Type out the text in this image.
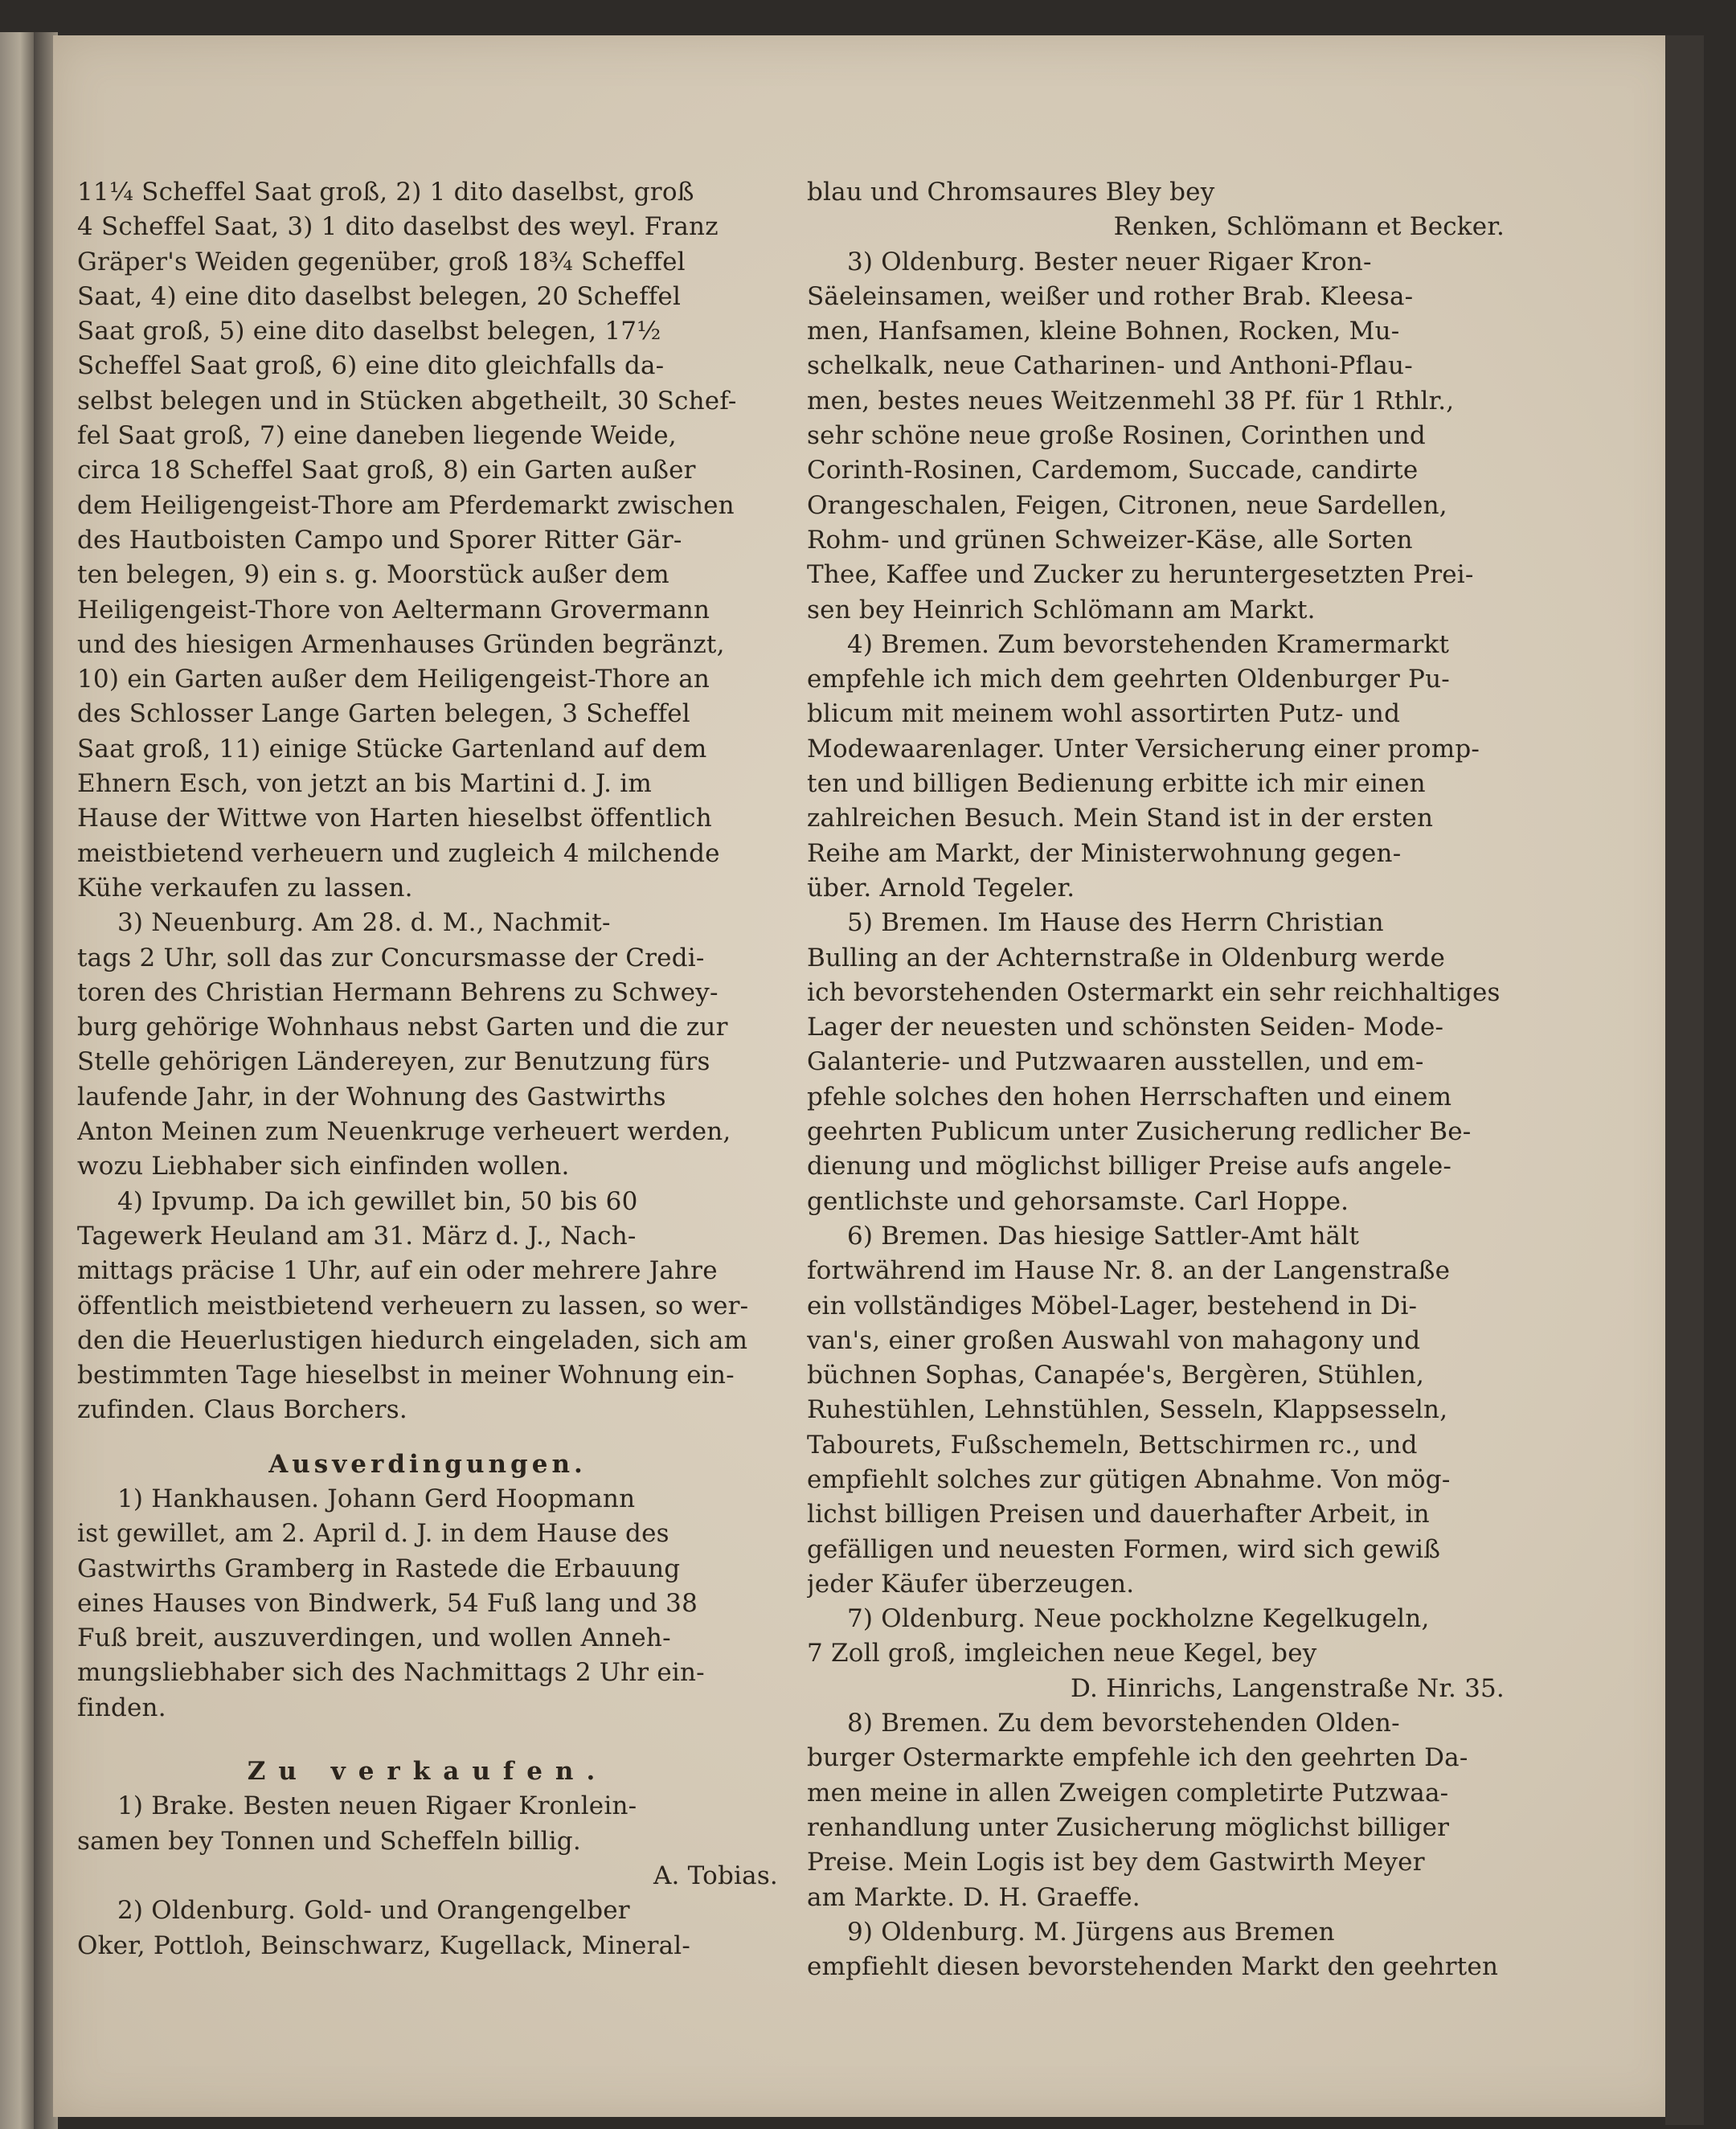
11¼ Scheffel Saat groß, 2) 1 dito daselbst, groß
4 Scheffel Saat, 3) 1 dito daselbst des weyl. Franz
Gräper's Weiden gegenüber, groß 18¾ Scheffel
Saat, 4) eine dito daselbst belegen, 20 Scheffel
Saat groß, 5) eine dito daselbst belegen, 17½
Scheffel Saat groß, 6) eine dito gleichfalls da-
selbst belegen und in Stücken abgetheilt, 30 Schef-
fel Saat groß, 7) eine daneben liegende Weide,
circa 18 Scheffel Saat groß, 8) ein Garten außer
dem Heiligengeist-Thore am Pferdemarkt zwischen
des Hautboisten Campo und Sporer Ritter Gär-
ten belegen, 9) ein s. g. Moorstück außer dem
Heiligengeist-Thore von Aeltermann Grovermann
und des hiesigen Armenhauses Gründen begränzt,
10) ein Garten außer dem Heiligengeist-Thore an
des Schlosser Lange Garten belegen, 3 Scheffel
Saat groß, 11) einige Stücke Gartenland auf dem
Ehnern Esch, von jetzt an bis Martini d. J. im
Hause der Wittwe von Harten hieselbst öffentlich
meistbietend verheuern und zugleich 4 milchende
Kühe verkaufen zu lassen.
3) Neuenburg. Am 28. d. M., Nachmit-
tags 2 Uhr, soll das zur Concursmasse der Credi-
toren des Christian Hermann Behrens zu Schwey-
burg gehörige Wohnhaus nebst Garten und die zur
Stelle gehörigen Ländereyen, zur Benutzung fürs
laufende Jahr, in der Wohnung des Gastwirths
Anton Meinen zum Neuenkruge verheuert werden,
wozu Liebhaber sich einfinden wollen.
4) Ipvump. Da ich gewillet bin, 50 bis 60
Tagewerk Heuland am 31. März d. J., Nach-
mittags präcise 1 Uhr, auf ein oder mehrere Jahre
öffentlich meistbietend verheuern zu lassen, so wer-
den die Heuerlustigen hiedurch eingeladen, sich am
bestimmten Tage hieselbst in meiner Wohnung ein-
zufinden. Claus Borchers.
Ausverdingungen.
1) Hankhausen. Johann Gerd Hoopmann
ist gewillet, am 2. April d. J. in dem Hause des
Gastwirths Gramberg in Rastede die Erbauung
eines Hauses von Bindwerk, 54 Fuß lang und 38
Fuß breit, auszuverdingen, und wollen Anneh-
mungsliebhaber sich des Nachmittags 2 Uhr ein-
finden.
Zu verkaufen.
1) Brake. Besten neuen Rigaer Kronlein-
samen bey Tonnen und Scheffeln billig.
A. Tobias.
2) Oldenburg. Gold- und Orangengelber
Oker, Pottloh, Beinschwarz, Kugellack, Mineral-
blau und Chromsaures Bley bey
Renken, Schlömann et Becker.
3) Oldenburg. Bester neuer Rigaer Kron-
Säeleinsamen, weißer und rother Brab. Kleesa-
men, Hanfsamen, kleine Bohnen, Rocken, Mu-
schelkalk, neue Catharinen- und Anthoni-Pflau-
men, bestes neues Weitzenmehl 38 Pf. für 1 Rthlr.,
sehr schöne neue große Rosinen, Corinthen und
Corinth-Rosinen, Cardemom, Succade, candirte
Orangeschalen, Feigen, Citronen, neue Sardellen,
Rohm- und grünen Schweizer-Käse, alle Sorten
Thee, Kaffee und Zucker zu heruntergesetzten Prei-
sen bey Heinrich Schlömann am Markt.
4) Bremen. Zum bevorstehenden Kramermarkt
empfehle ich mich dem geehrten Oldenburger Pu-
blicum mit meinem wohl assortirten Putz- und
Modewaarenlager. Unter Versicherung einer promp-
ten und billigen Bedienung erbitte ich mir einen
zahlreichen Besuch. Mein Stand ist in der ersten
Reihe am Markt, der Ministerwohnung gegen-
über. Arnold Tegeler.
5) Bremen. Im Hause des Herrn Christian
Bulling an der Achternstraße in Oldenburg werde
ich bevorstehenden Ostermarkt ein sehr reichhaltiges
Lager der neuesten und schönsten Seiden- Mode-
Galanterie- und Putzwaaren ausstellen, und em-
pfehle solches den hohen Herrschaften und einem
geehrten Publicum unter Zusicherung redlicher Be-
dienung und möglichst billiger Preise aufs angele-
gentlichste und gehorsamste. Carl Hoppe.
6) Bremen. Das hiesige Sattler-Amt hält
fortwährend im Hause Nr. 8. an der Langenstraße
ein vollständiges Möbel-Lager, bestehend in Di-
van's, einer großen Auswahl von mahagony und
büchnen Sophas, Canapée's, Bergèren, Stühlen,
Ruhestühlen, Lehnstühlen, Sesseln, Klappsesseln,
Tabourets, Fußschemeln, Bettschirmen rc., und
empfiehlt solches zur gütigen Abnahme. Von mög-
lichst billigen Preisen und dauerhafter Arbeit, in
gefälligen und neuesten Formen, wird sich gewiß
jeder Käufer überzeugen.
7) Oldenburg. Neue pockholzne Kegelkugeln,
7 Zoll groß, imgleichen neue Kegel, bey
D. Hinrichs, Langenstraße Nr. 35.
8) Bremen. Zu dem bevorstehenden Olden-
burger Ostermarkte empfehle ich den geehrten Da-
men meine in allen Zweigen completirte Putzwaa-
renhandlung unter Zusicherung möglichst billiger
Preise. Mein Logis ist bey dem Gastwirth Meyer
am Markte. D. H. Graeffe.
9) Oldenburg. M. Jürgens aus Bremen
empfiehlt diesen bevorstehenden Markt den geehrten
